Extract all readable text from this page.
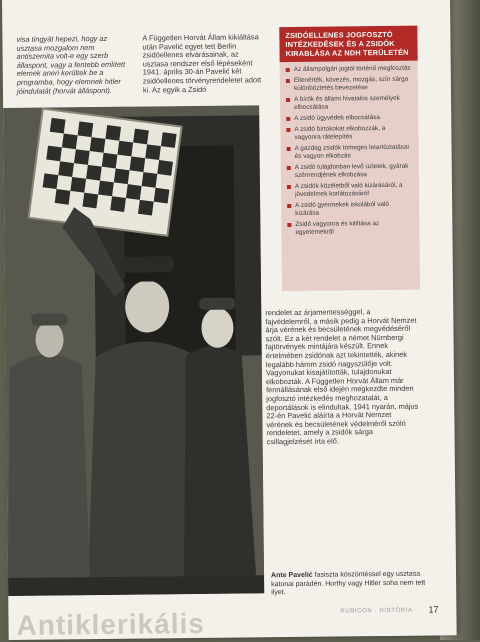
visa tingyát hepezi, hogy az usztasa mozgalom nem antiszemita volt-e egy szerb állaspont, vagy a fentebb említett elemek aneri kerültek be a programba, hogy elemnek hitler jóindulatát (horvát álláspont).

A Független Horvát Állam kikiáltása után Pavelić egyet tett Berlin zsidóellenes elvárásainak, az usztasa rendszer első lépéseként 1941. április 30-án Pavelić két zsidóellenes törvényrendeletet adott ki. Az egyik a Zsidó

ZSIDÓELLENES JOGFOSZTÓ INTÉZKEDÉSEK ÉS A ZSIDÓK KIRABLÁSA AZ NDH TERÜLETÉN
Az állampolgári jogtól történő megfosztás
Ellenérték, kövezés, mozgás, szín sárga különböztetés bevezetése
A bírók és állami hivatalos személyek elbocsátása
A zsidó ügyvédek elbocsátása
A zsidó birtokokat elkobozzák, a vagyonra rátelepítés
A gazdag zsidók tömeges letartóztatásai és vagyon elkobzás
A zsidó tulajdonban levő üzletek, gyárak szénrendjének elkobzása
A zsidók közéletből való kizárásáról, a jövedelmek korlátozásáról
A zsidó gyermekek iskolából való kizárása
Zsidó vagyonra és kitiltása az egyetemekről

rendelet az árjamentességgel, a fajvédelemről, a másik pedig a Horvát Nemzet árja vérének és becsületének megvédéséről szólt. Ez a két rendelet a német Nürnbergi fajtörvények mintájára készült. Ennek értelmében zsidónak azt tekintették, akinek legalább három zsidó nagyszülője volt. Vagyonukat kisajátították, tulajdonukat elkobozták. A Független Horvát Állam már fennállásának első idején megkezdte minden jogfosztó intézkedés meghozatalát, a deportálások is elindultak. 1941 nyarán, május 22-én Pavelić aláírta a Horvát Nemzet vérének és becsületének védelméről szóló rendeletet, amely a zsidók sárga csillagjelzését írta elő.

Ante Pavelić fasiszta köszöntéssel egy usztasa katonai parádén. Horthy vagy Hitler soha nem tett ilyet.
Antiklerikális	RUBICON · HISTÓRIA 17
